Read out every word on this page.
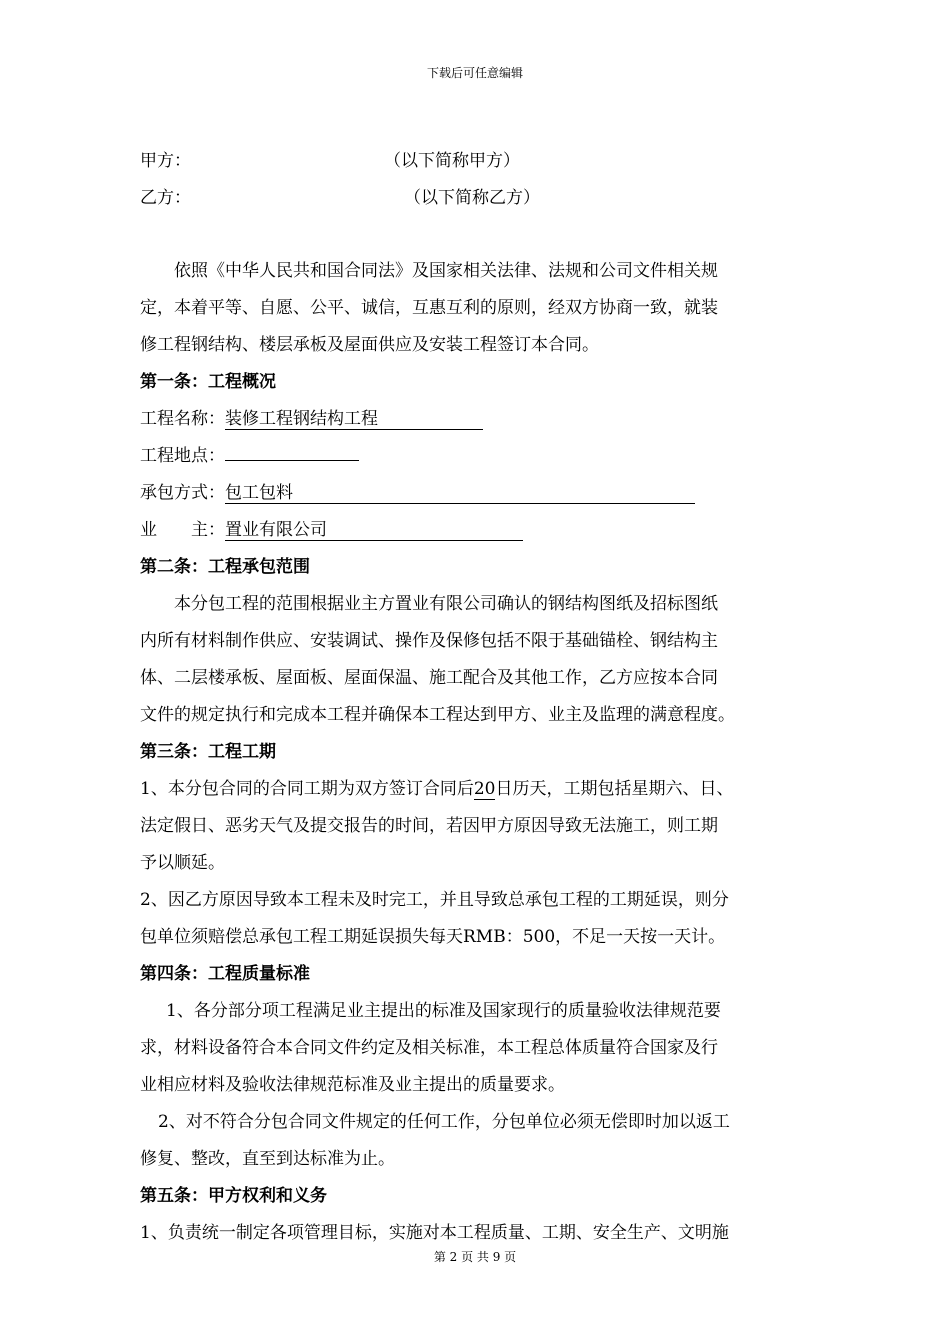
下载后可任意编辑
甲方：	（以下简称甲方）
乙方：	（以下简称乙方）
依照《中华人民共和国合同法》及国家相关法律、法规和公司文件相关规
定，本着平等、自愿、公平、诚信，互惠互利的原则，经双方协商一致，就装
修工程钢结构、楼层承板及屋面供应及安装工程签订本合同。
第一条：工程概况
工程名称：装修工程钢结构工程
工程地点：
承包方式：包工包料
业　　主：置业有限公司
第二条：工程承包范围
本分包工程的范围根据业主方置业有限公司确认的钢结构图纸及招标图纸
内所有材料制作供应、安装调试、操作及保修包括不限于基础锚栓、钢结构主
体、二层楼承板、屋面板、屋面保温、施工配合及其他工作，乙方应按本合同
文件的规定执行和完成本工程并确保本工程达到甲方、业主及监理的满意程度。
第三条：工程工期
1、本分包合同的合同工期为双方签订合同后20日历天，工期包括星期六、日、
法定假日、恶劣天气及提交报告的时间，若因甲方原因导致无法施工，则工期
予以顺延。
2、因乙方原因导致本工程未及时完工，并且导致总承包工程的工期延误，则分
包单位须赔偿总承包工程工期延误损失每天RMB：500，不足一天按一天计。
第四条：工程质量标准
1、各分部分项工程满足业主提出的标准及国家现行的质量验收法律规范要
求，材料设备符合本合同文件约定及相关标准，本工程总体质量符合国家及行
业相应材料及验收法律规范标准及业主提出的质量要求。
2、对不符合分包合同文件规定的任何工作，分包单位必须无偿即时加以返工
修复、整改，直至到达标准为止。
第五条：甲方权利和义务
1、负责统一制定各项管理目标，实施对本工程质量、工期、安全生产、文明施
第 2 页 共 9 页
